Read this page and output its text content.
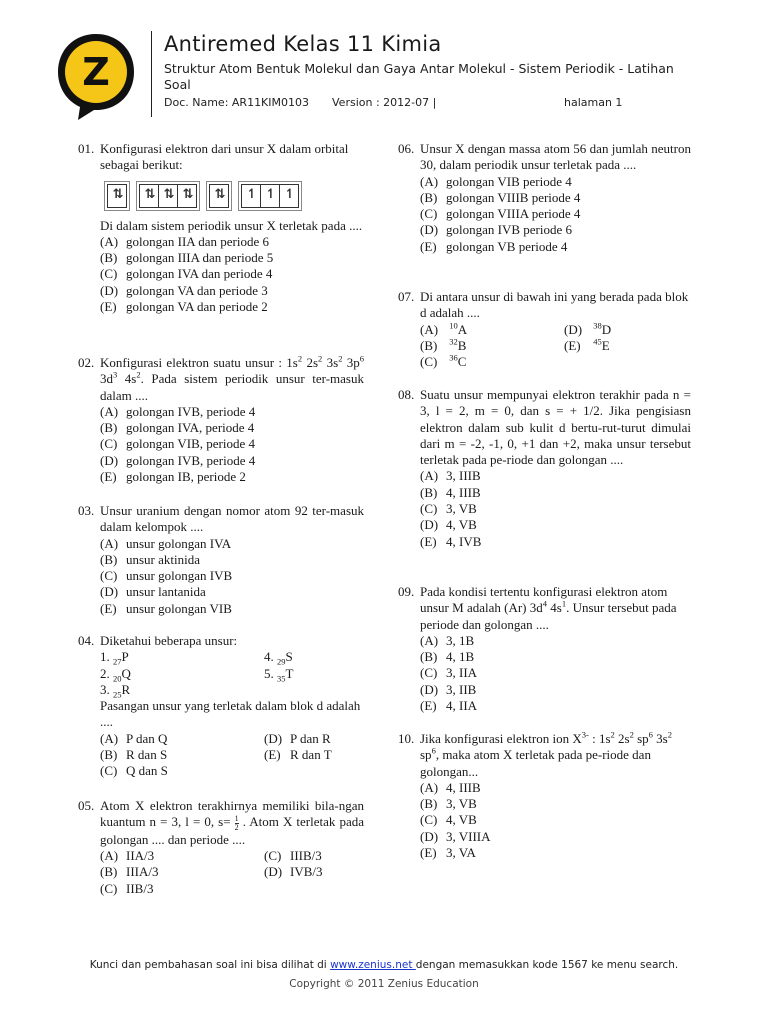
Z
Antiremed Kelas 11 Kimia
Struktur Atom Bentuk Molekul dan Gaya Antar Molekul - Sistem Periodik - Latihan Soal
Doc. Name: AR11KIM0103 Version : 2012-07 |	halaman 1
01. Konfigurasi elektron dari unsur X dalam orbital sebagai berikut:

⇅	⇅ ⇅ ⇅	⇅	↿ ↿ ↿

Di dalam sistem periodik unsur X terletak pada ....

(A) golongan IIA dan periode 6
(B) golongan IIIA dan periode 5
(C) golongan IVA dan periode 4
(D) golongan VA dan periode 3
(E) golongan VA dan periode 2
02. Konfigurasi elektron suatu unsur : $1s^2$ $2s^2$ $3s^2$ $3p^6$ $3d^3$ $4s^2$. Pada sistem periodik unsur ter-masuk dalam ....

(A) golongan IVB, periode 4
(B) golongan IVA, periode 4
(C) golongan VIB, periode 4
(D) golongan IVB, periode 4
(E) golongan IB, periode 2
03. Unsur uranium dengan nomor atom 92 ter-masuk dalam kelompok ....

(A) unsur golongan IVA
(B) unsur aktinida
(C) unsur golongan IVB
(D) unsur lantanida
(E) unsur golongan VIB
04. Diketahui beberapa unsur:

1. $_{27}$P
2. $_{20}$Q
3. $_{25}$R
4. $_{29}$S
5. $_{35}$T

Pasangan unsur yang terletak dalam blok d adalah ....

(A) P dan Q
(B) R dan S
(C) Q dan S
(D) P dan R
(E) R dan T
05. Atom X elektron terakhirnya memiliki bila-ngan kuantum n = 3, l = 0, $s= \frac{1}{2}$ . Atom X terletak pada golongan .... dan periode ....

(A) IIA/3
(B) IIIA/3
(C) IIB/3
(C) IIIB/3
(D) IVB/3
06. Unsur X dengan massa atom 56 dan jumlah neutron 30, dalam periodik unsur terletak pada ....

(A) golongan VIB periode 4
(B) golongan VIIIB periode 4
(C) golongan VIIIA periode 4
(D) golongan IVB periode 6
(E) golongan VB periode 4
07. Di antara unsur di bawah ini yang berada pada blok d adalah ....

(A) $^{10}$A
(B) $^{32}$B
(C) $^{36}$C
(D) $^{38}$D
(E) $^{45}$E
08. Suatu unsur mempunyai elektron terakhir pada n = 3, l = 2, m = 0, dan s = + 1/2. Jika pengisiasn elektron dalam sub kulit d bertu-rut-turut dimulai dari m = -2, -1, 0, +1 dan +2, maka unsur tersebut terletak pada pe-riode dan golongan ....

(A) 3, IIIB
(B) 4, IIIB
(C) 3, VB
(D) 4, VB
(E) 4, IVB
09. Pada kondisi tertentu konfigurasi elektron atom unsur M adalah (Ar) $3d^4$ $4s^1$. Unsur tersebut pada periode dan golongan ....

(A) 3, 1B
(B) 4, 1B
(C) 3, IIA
(D) 3, IIB
(E) 4, IIA
10. Jika konfigurasi elektron ion $X^{3-}$ : $1s^2$ $2s^2$ $sp^6$ $3s^2$ $sp^6$, maka atom X terletak pada pe-riode dan golongan...

(A) 4, IIIB
(B) 3, VB
(C) 4, VB
(D) 3, VIIIA
(E) 3, VA
Kunci dan pembahasan soal ini bisa dilihat di www.zenius.net dengan memasukkan kode 1567 ke menu search.
Copyright © 2011 Zenius Education
